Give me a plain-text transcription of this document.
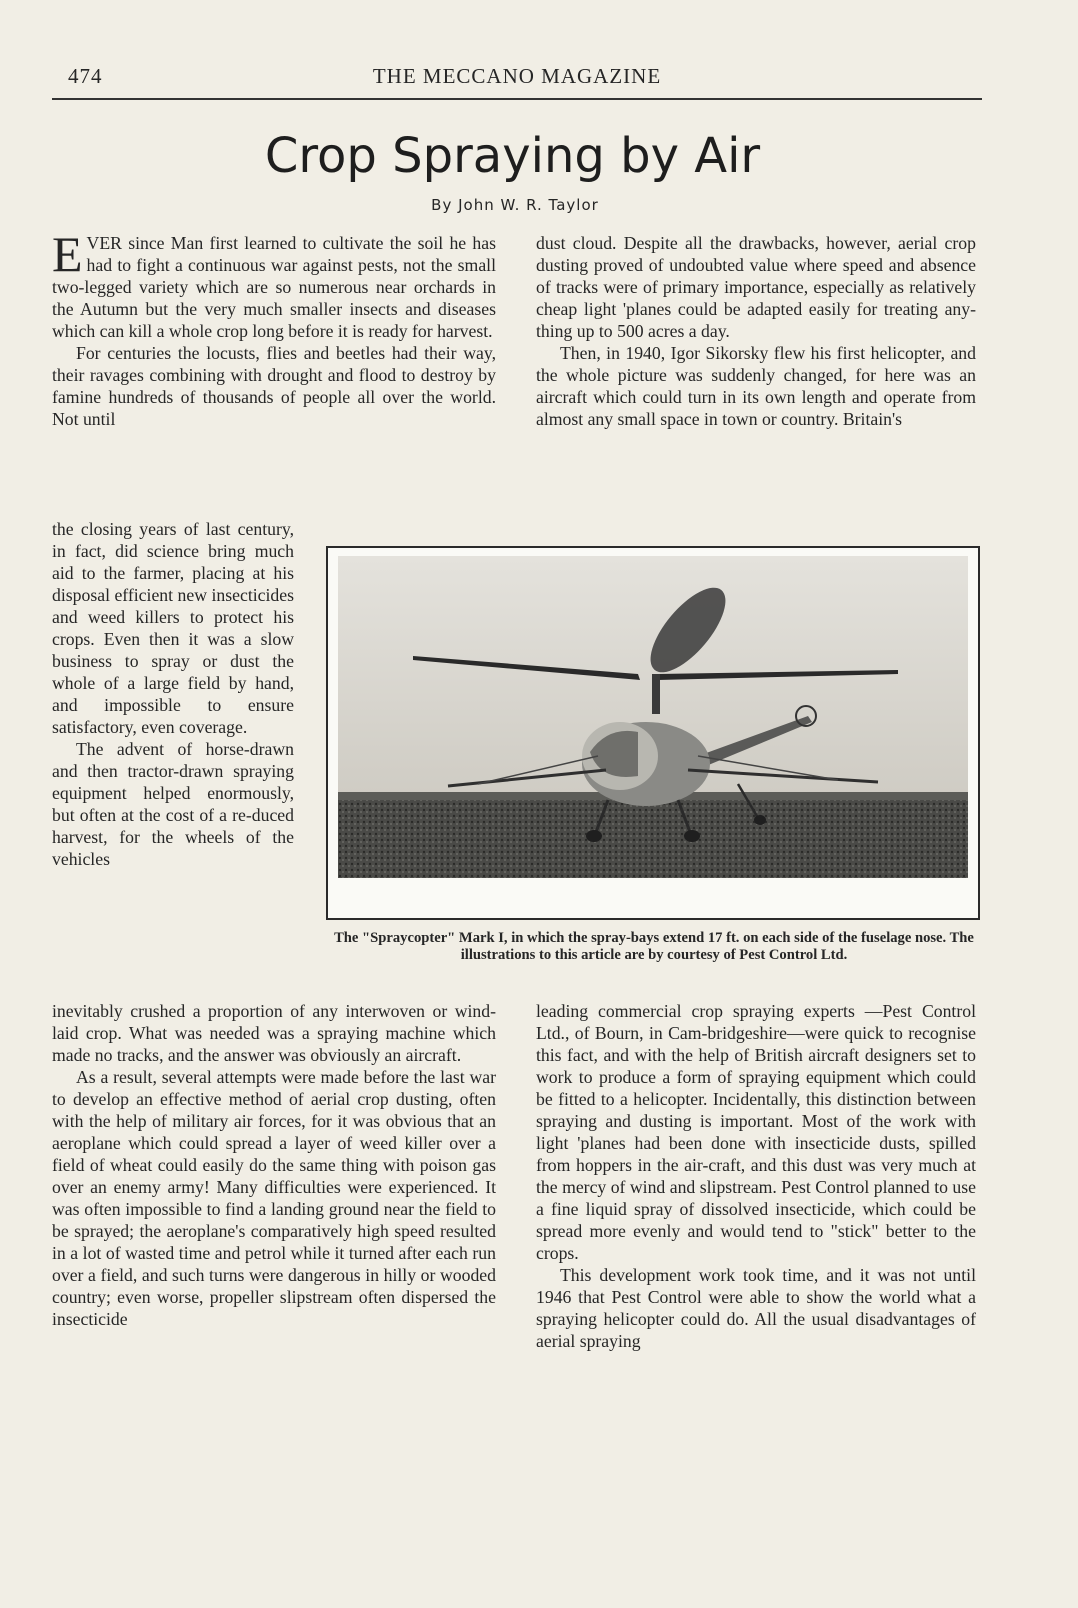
474	THE MECCANO MAGAZINE
Crop Spraying by Air
By John W. R. Taylor

EVER since Man first learned to cultivate the soil he has had to fight a continuous war against pests, not the small two-legged variety which are so numerous near orchards in the Autumn but the very much smaller insects and diseases which can kill a whole crop long before it is ready for harvest.

For centuries the locusts, flies and beetles had their way, their ravages combining with drought and flood to destroy by famine hundreds of thousands of people all over the world. Not until

the closing years of last century, in fact, did science bring much aid to the farmer, placing at his disposal efficient new insecticides and weed killers to protect his crops. Even then it was a slow business to spray or dust the whole of a large field by hand, and impossible to ensure satisfactory, even coverage.

The advent of horse-drawn and then tractor-drawn spraying equipment helped enormously, but often at the cost of a re-duced harvest, for the wheels of the vehicles

inevitably crushed a proportion of any interwoven or wind-laid crop. What was needed was a spraying machine which made no tracks, and the answer was obviously an aircraft.

As a result, several attempts were made before the last war to develop an effective method of aerial crop dusting, often with the help of military air forces, for it was obvious that an aeroplane which could spread a layer of weed killer over a field of wheat could easily do the same thing with poison gas over an enemy army! Many difficulties were experienced. It was often impossible to find a landing ground near the field to be sprayed; the aeroplane's comparatively high speed resulted in a lot of wasted time and petrol while it turned after each run over a field, and such turns were dangerous in hilly or wooded country; even worse, propeller slipstream often dispersed the insecticide

dust cloud. Despite all the drawbacks, however, aerial crop dusting proved of undoubted value where speed and absence of tracks were of primary importance, especially as relatively cheap light 'planes could be adapted easily for treating any-thing up to 500 acres a day.

Then, in 1940, Igor Sikorsky flew his first helicopter, and the whole picture was suddenly changed, for here was an aircraft which could turn in its own length and operate from almost any small space in town or country. Britain's

The "Spraycopter" Mark I, in which the spray-bays extend 17 ft. on each side of the fuselage nose. The illustrations to this article are by courtesy of Pest Control Ltd.

leading commercial crop spraying experts —Pest Control Ltd., of Bourn, in Cam-bridgeshire—were quick to recognise this fact, and with the help of British aircraft designers set to work to produce a form of spraying equipment which could be fitted to a helicopter. Incidentally, this distinction between spraying and dusting is important. Most of the work with light 'planes had been done with insecticide dusts, spilled from hoppers in the air-craft, and this dust was very much at the mercy of wind and slipstream. Pest Control planned to use a fine liquid spray of dissolved insecticide, which could be spread more evenly and would tend to "stick" better to the crops.

This development work took time, and it was not until 1946 that Pest Control were able to show the world what a spraying helicopter could do. All the usual disadvantages of aerial spraying
